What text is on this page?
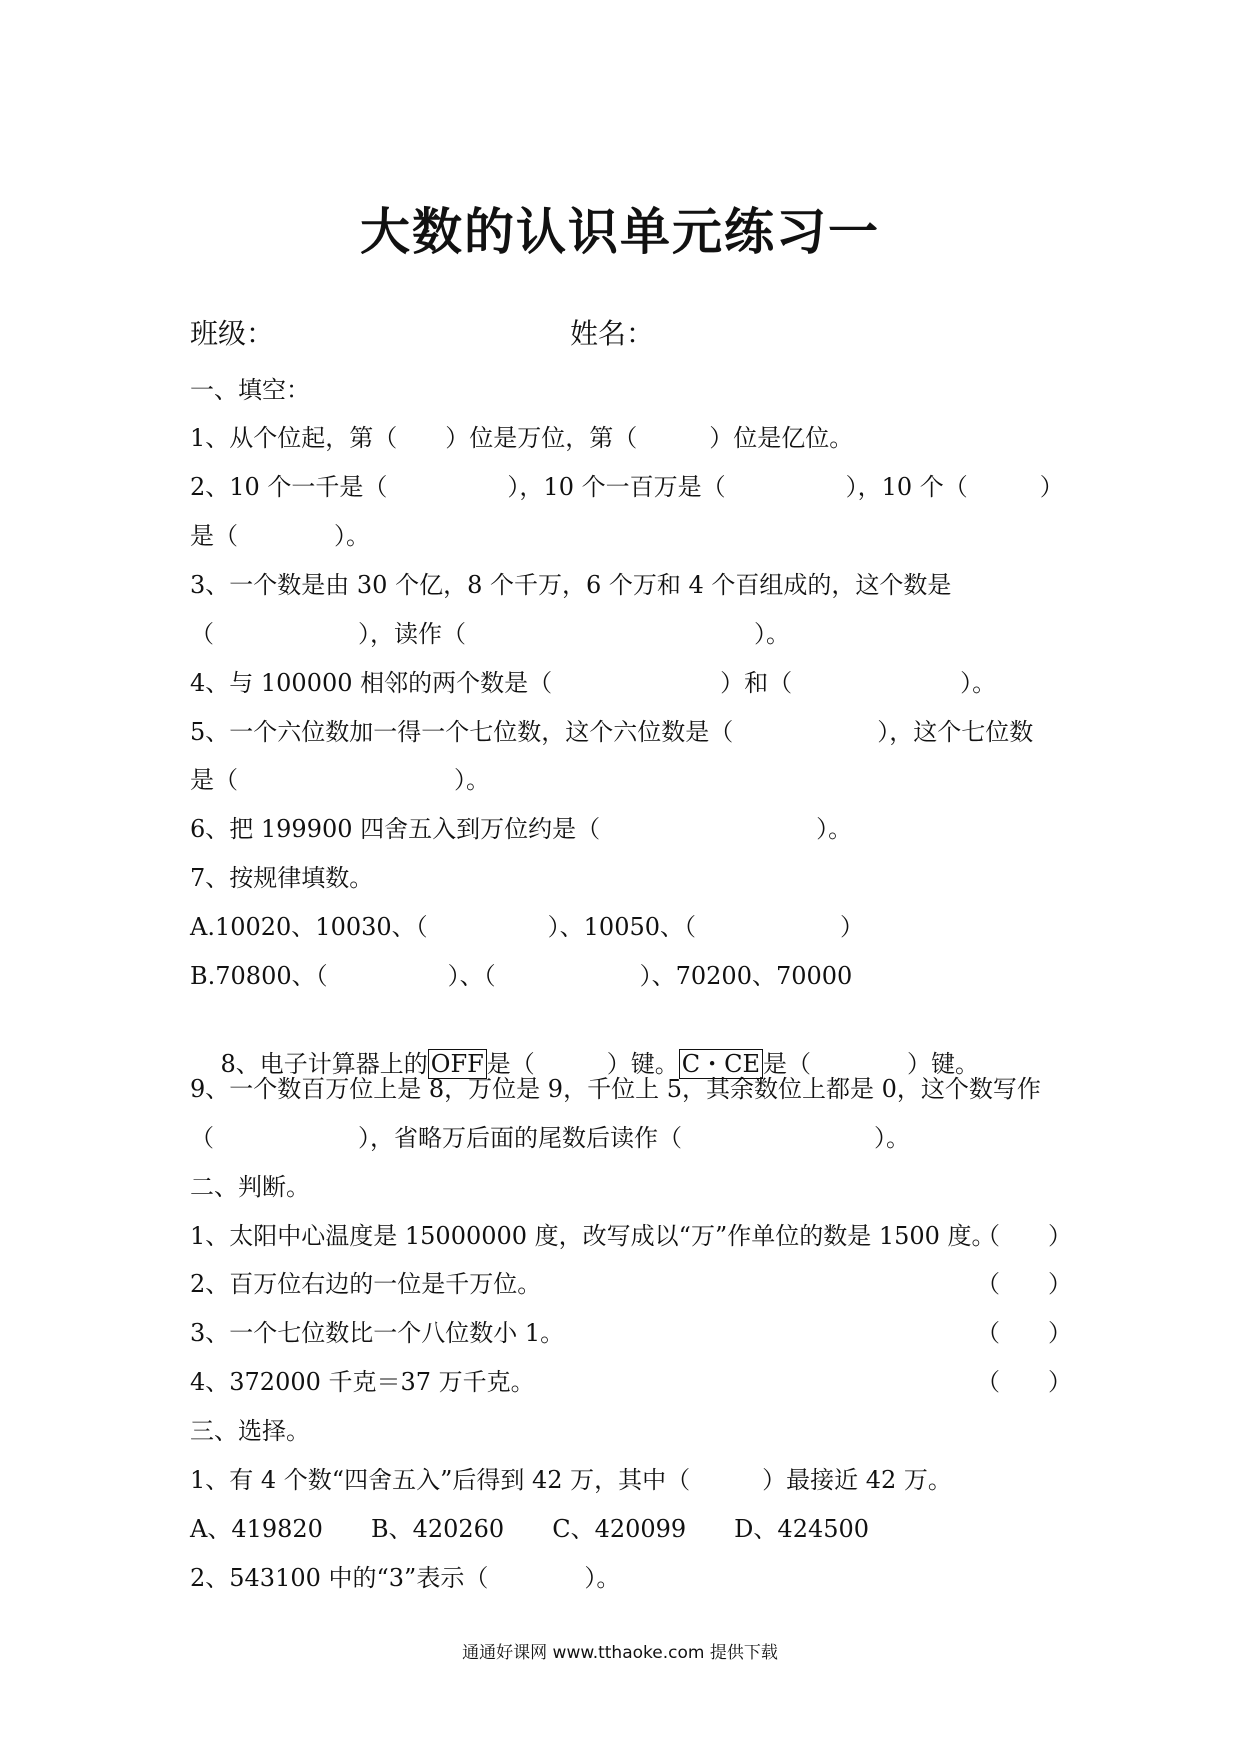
大数的认识单元练习一
班级：	姓名：
一、填空：
1、从个位起，第（　　）位是万位，第（　　　）位是亿位。
2、10 个一千是（　　　　　），10 个一百万是（　　　　　），10 个（　　　）
是（　　　　）。
3、一个数是由 30 个亿，8 个千万，6 个万和 4 个百组成的，这个数是
（　　　　　　），读作（　　　　　　　　　　　　）。
4、与 100000 相邻的两个数是（　　　　　　　）和（　　　　　　　）。
5、一个六位数加一得一个七位数，这个六位数是（　　　　　　），这个七位数
是（　　　　　　　　　）。
6、把 199900 四舍五入到万位约是（　　　　　　　　　）。
7、按规律填数。
A.10020、10030、（　　　　　）、10050、（　　　　　　）
B.70800、（　　　　　）、（　　　　　　）、70200、70000

8、电子计算器上的 OFF 是（　　　）键。 C・CE 是（　　　　）键。

9、一个数百万位上是 8，万位是 9，千位上 5，其余数位上都是 0，这个数写作
（　　　　　　），省略万后面的尾数后读作（　　　　　　　　）。
二、判断。
1、太阳中心温度是 15000000 度，改写成以“万”作单位的数是 1500 度。
（　　）
2、百万位右边的一位是千万位。	（　　）
3、一个七位数比一个八位数小 1。	（　　）
4、372000 千克＝37 万千克。	（　　）
三、选择。
1、有 4 个数“四舍五入”后得到 42 万，其中（　　　）最接近 42 万。
A、419820　　B、420260　　C、420099　　D、424500
2、543100 中的“3”表示（　　　　）。
通通好课网 www.tthaoke.com 提供下载
